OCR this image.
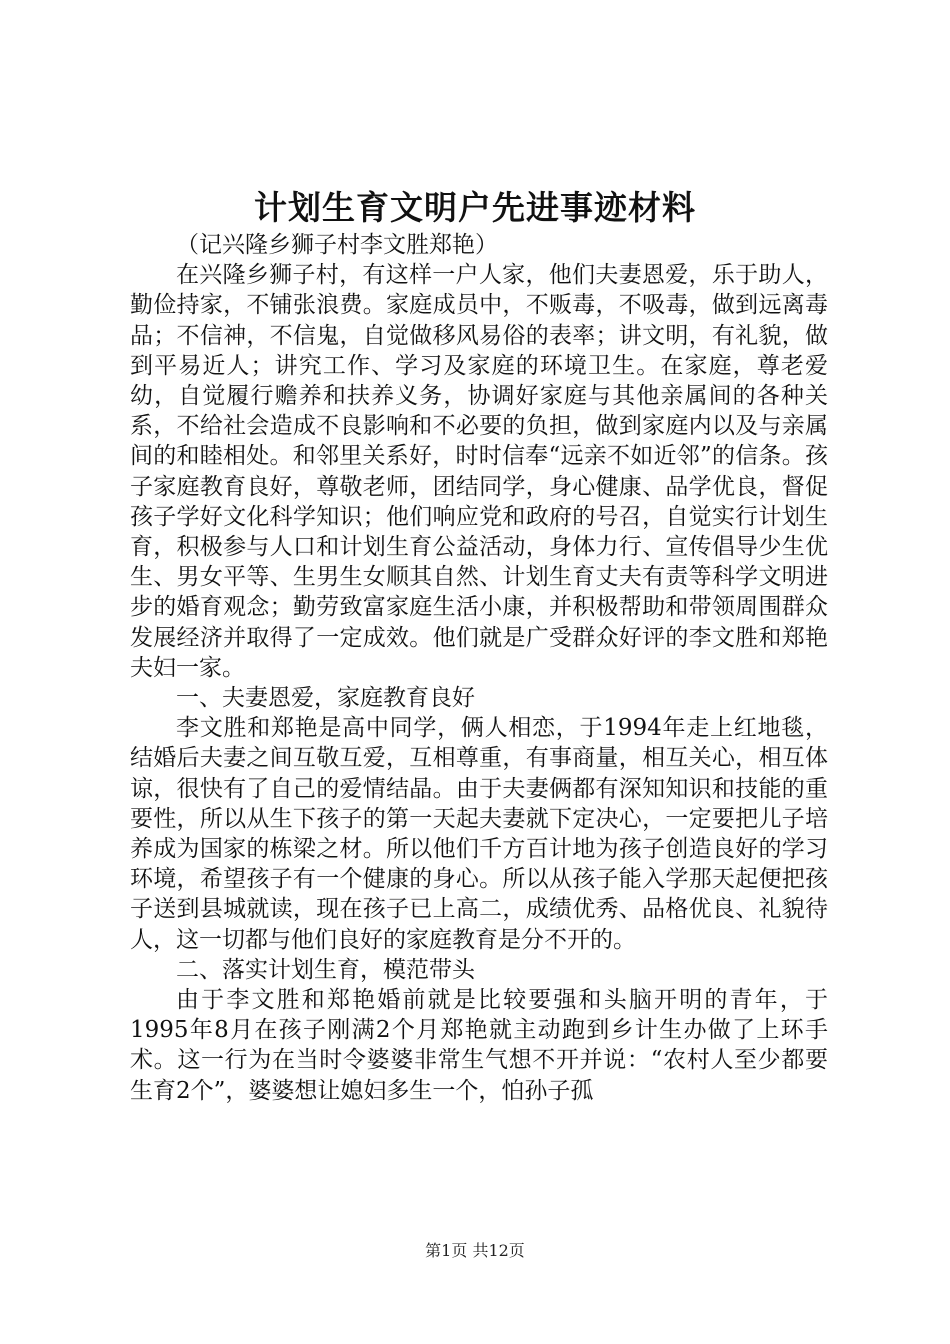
计划生育文明户先进事迹材料

（记兴隆乡狮子村李文胜郑艳）

在兴隆乡狮子村，有这样一户人家，他们夫妻恩爱，乐于助人，勤俭持家，不铺张浪费。家庭成员中，不贩毒，不吸毒，做到远离毒品；不信神，不信鬼，自觉做移风易俗的表率；讲文明，有礼貌，做到平易近人；讲究工作、学习及家庭的环境卫生。在家庭，尊老爱幼，自觉履行赡养和扶养义务，协调好家庭与其他亲属间的各种关系，不给社会造成不良影响和不必要的负担，做到家庭内以及与亲属间的和睦相处。和邻里关系好，时时信奉“远亲不如近邻”的信条。孩子家庭教育良好，尊敬老师，团结同学，身心健康、品学优良，督促孩子学好文化科学知识；他们响应党和政府的号召，自觉实行计划生育，积极参与人口和计划生育公益活动，身体力行、宣传倡导少生优生、男女平等、生男生女顺其自然、计划生育丈夫有责等科学文明进步的婚育观念；勤劳致富家庭生活小康，并积极帮助和带领周围群众发展经济并取得了一定成效。他们就是广受群众好评的李文胜和郑艳夫妇一家。

一、夫妻恩爱，家庭教育良好

李文胜和郑艳是高中同学，俩人相恋，于1994年走上红地毯，结婚后夫妻之间互敬互爱，互相尊重，有事商量，相互关心，相互体谅，很快有了自己的爱情结晶。由于夫妻俩都有深知知识和技能的重要性，所以从生下孩子的第一天起夫妻就下定决心，一定要把儿子培养成为国家的栋梁之材。所以他们千方百计地为孩子创造良好的学习环境，希望孩子有一个健康的身心。所以从孩子能入学那天起便把孩子送到县城就读，现在孩子已上高二，成绩优秀、品格优良、礼貌待人，这一切都与他们良好的家庭教育是分不开的。

二、落实计划生育，模范带头

由于李文胜和郑艳婚前就是比较要强和头脑开明的青年，于1995年8月在孩子刚满2个月郑艳就主动跑到乡计生办做了上环手术。这一行为在当时令婆婆非常生气想不开并说：“农村人至少都要生育2个”，婆婆想让媳妇多生一个，怕孙子孤

第1页 共12页
